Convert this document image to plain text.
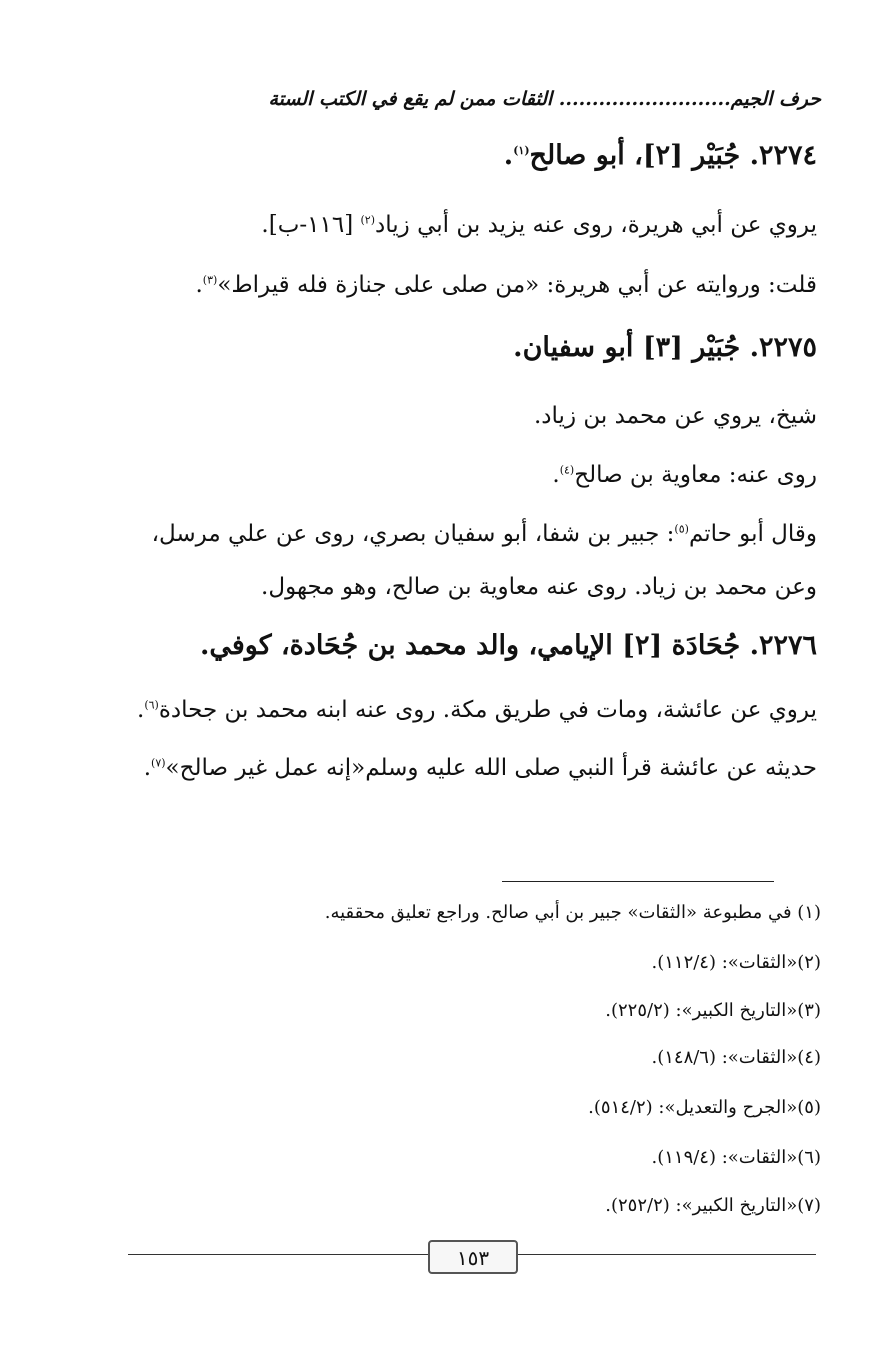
حرف الجيم.......................... الثقات ممن لم يقع في الكتب الستة
٢٢٧٤. جُبَيْر [٢]، أبو صالح$^{(١)}$.
يروي عن أبي هريرة، روى عنه يزيد بن أبي زياد$^{(٢)}$ [١١٦-ب].
قلت: وروايته عن أبي هريرة: «من صلى على جنازة فله قيراط»$^{(٣)}$.
٢٢٧٥. جُبَيْر [٣] أبو سفيان.
شيخ، يروي عن محمد بن زياد.
روى عنه: معاوية بن صالح$^{(٤)}$.
وقال أبو حاتم$^{(٥)}$: جبير بن شفا، أبو سفيان بصري، روى عن علي مرسل،
وعن محمد بن زياد. روى عنه معاوية بن صالح، وهو مجهول.
٢٢٧٦. جُحَادَة [٢] الإيامي، والد محمد بن جُحَادة، كوفي.
يروي عن عائشة، ومات في طريق مكة. روى عنه ابنه محمد بن جحادة$^{(٦)}$.
حديثه عن عائشة قرأ النبي صلى الله عليه وسلم«إنه عمل غير صالح»$^{(٧)}$.
(١) في مطبوعة «الثقات» جبير بن أبي صالح. وراجع تعليق محققيه.
(٢)«الثقات»: (١١٢/٤).
(٣)«التاريخ الكبير»: (٢٢٥/٢).
(٤)«الثقات»: (١٤٨/٦).
(٥)«الجرح والتعديل»: (٥١٤/٢).
(٦)«الثقات»: (١١٩/٤).
(٧)«التاريخ الكبير»: (٢٥٢/٢).
١٥٣
